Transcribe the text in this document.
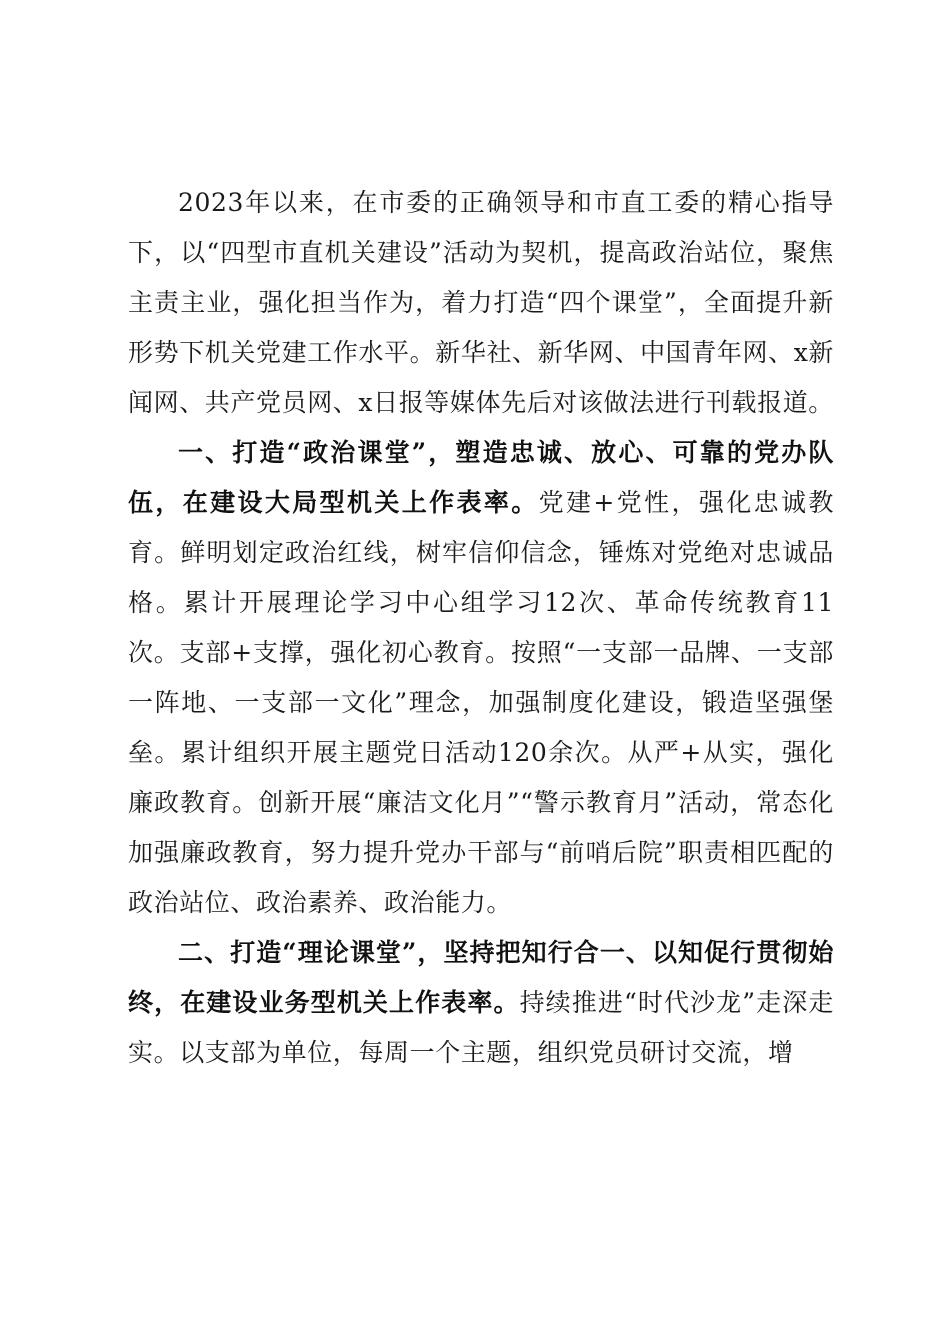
2023年以来，在市委的正确领导和市直工委的精心指导下，以“四型市直机关建设”活动为契机，提高政治站位，聚焦主责主业，强化担当作为，着力打造“四个课堂”，全面提升新形势下机关党建工作水平。新华社、新华网、中国青年网、x新闻网、共产党员网、x日报等媒体先后对该做法进行刊载报道。

一、打造“政治课堂”，塑造忠诚、放心、可靠的党办队伍，在建设大局型机关上作表率。党建+党性，强化忠诚教育。鲜明划定政治红线，树牢信仰信念，锤炼对党绝对忠诚品格。累计开展理论学习中心组学习12次、革命传统教育11次。支部+支撑，强化初心教育。按照“一支部一品牌、一支部一阵地、一支部一文化”理念，加强制度化建设，锻造坚强堡垒。累计组织开展主题党日活动120余次。从严+从实，强化廉政教育。创新开展“廉洁文化月”“警示教育月”活动，常态化加强廉政教育，努力提升党办干部与“前哨后院”职责相匹配的政治站位、政治素养、政治能力。

二、打造“理论课堂”，坚持把知行合一、以知促行贯彻始终，在建设业务型机关上作表率。持续推进“时代沙龙”走深走实。以支部为单位，每周一个主题，组织党员研讨交流，增
